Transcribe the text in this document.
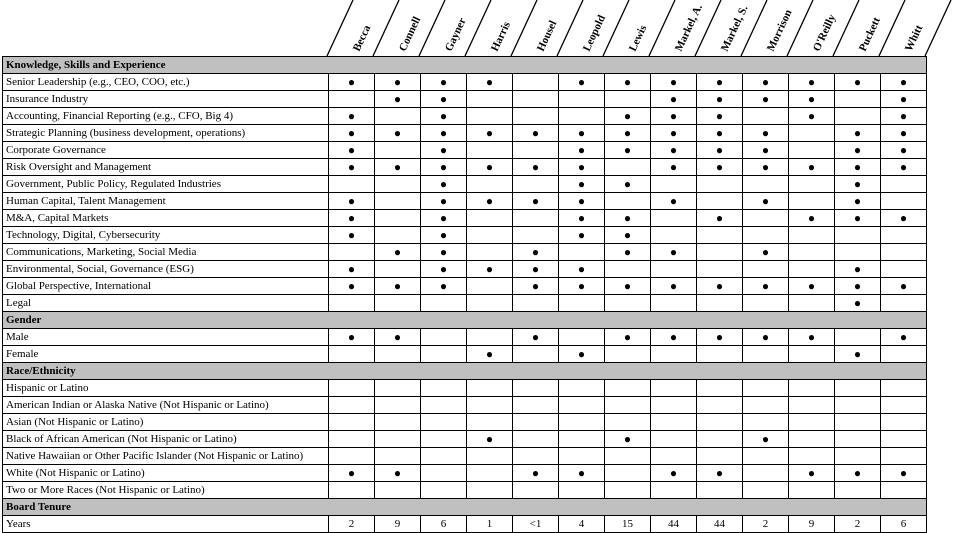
Becca Connell Gayner Harris Housel Leopold Lewis Markel, A. Markel, S. Morrison O'Reilly Puckett Whitt
Knowledge, Skills and Experience													
Senior Leadership (e.g., CEO, COO, etc.)	●	●	●	●		●	●	●	●	●	●	●	●
Insurance Industry		●	●					●	●	●	●		●
Accounting, Financial Reporting (e.g., CFO, Big 4)	●		●				●	●	●		●		●
Strategic Planning (business development, operations)	●	●	●	●	●	●	●	●	●	●		●	●
Corporate Governance	●		●			●	●	●	●	●		●	●
Risk Oversight and Management	●	●	●	●	●	●		●	●	●	●	●	●
Government, Public Policy, Regulated Industries			●			●	●					●	
Human Capital, Talent Management	●		●	●	●	●		●		●		●	
M&A, Capital Markets	●		●			●	●		●		●	●	●
Technology, Digital, Cybersecurity	●		●			●	●						
Communications, Marketing, Social Media		●	●		●		●	●		●			
Environmental, Social, Governance (ESG)	●		●	●	●	●						●	
Global Perspective, International	●	●	●		●	●	●	●	●	●	●	●	●
Legal												●	
Gender													
Male	●	●			●		●	●	●	●	●		●
Female				●		●						●	
Race/Ethnicity													
Hispanic or Latino													
American Indian or Alaska Native (Not Hispanic or Latino)													
Asian (Not Hispanic or Latino)													
Black of African American (Not Hispanic or Latino)				●			●			●			
Native Hawaiian or Other Pacific Islander (Not Hispanic or Latino)													
White (Not Hispanic or Latino)	●	●			●	●		●	●		●	●	●
Two or More Races (Not Hispanic or Latino)													
Board Tenure													
Years	2	9	6	1	<1	4	15	44	44	2	9	2	6
